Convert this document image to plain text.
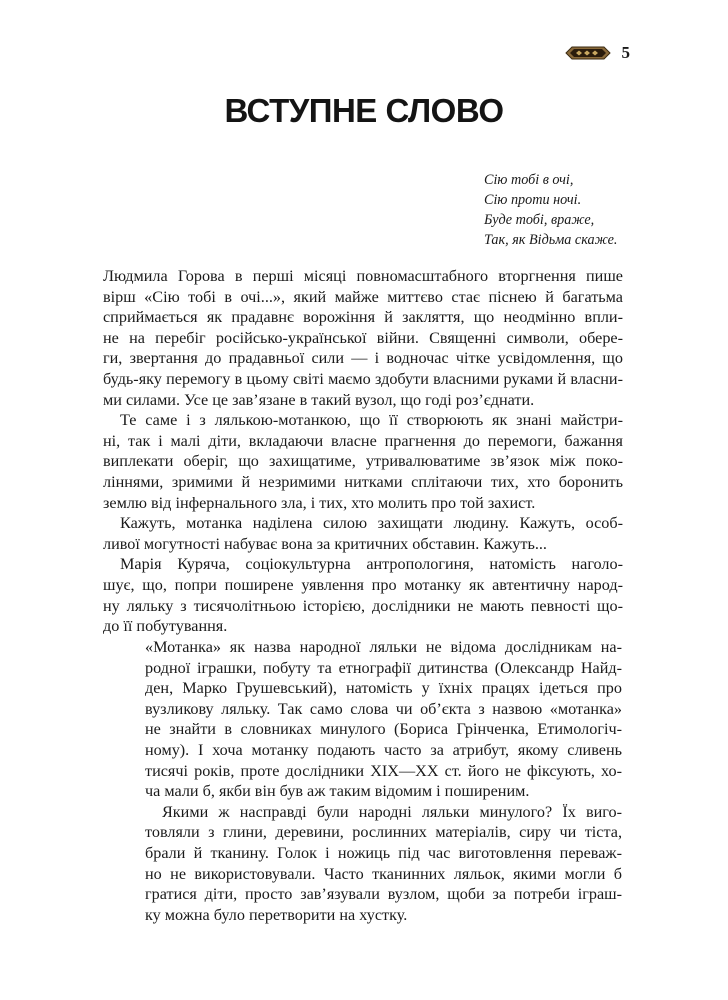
5
ВСТУПНЕ СЛОВО
Сію тобі в очі,
Сію проти ночі.
Буде тобі, враже,
Так, як Відьма скаже.
Людмила Горова в перші місяці повномасштабного вторгнення пише
вірш «Сію тобі в очі...», який майже миттєво стає піснею й багатьма
сприймається як прадавнє ворожіння й закляття, що неодмінно впли-
не на перебіг російсько-української війни. Священні символи, обере-
ги, звертання до прадавньої сили — і водночас чітке усвідомлення, що
будь-яку перемогу в цьому світі маємо здобути власними руками й власни-
ми силами. Усе це зав’язане в такий вузол, що годі роз’єднати.
Те саме і з лялькою-мотанкою, що її створюють як знані майстри-
ні, так і малі діти, вкладаючи власне прагнення до перемоги, бажання
виплекати оберіг, що захищатиме, утривалюватиме зв’язок між поко-
ліннями, зримими й незримими нитками сплітаючи тих, хто боронить
землю від інфернального зла, і тих, хто молить про той захист.
Кажуть, мотанка наділена силою захищати людину. Кажуть, особ-
ливої могутності набуває вона за критичних обставин. Кажуть...
Марія Куряча, соціокультурна антропологиня, натомість наголо-
шує, що, попри поширене уявлення про мотанку як автентичну народ-
ну ляльку з тисячолітньою історією, дослідники не мають певності що-
до її побутування.
«Мотанка» як назва народної ляльки не відома дослідникам на-
родної іграшки, побуту та етнографії дитинства (Олександр Найд-
ден, Марко Грушевський), натомість у їхніх працях ідеться про
вузликову ляльку. Так само слова чи об’єкта з назвою «мотанка»
не знайти в словниках минулого (Бориса Грінченка, Етимологіч-
ному). І хоча мотанку подають часто за атрибут, якому сливень
тисячі років, проте дослідники XIX—XX ст. його не фіксують, хо-
ча мали б, якби він був аж таким відомим і поширеним.
Якими ж насправді були народні ляльки минулого? Їх виго-
товляли з глини, деревини, рослинних матеріалів, сиру чи тіста,
брали й тканину. Голок і ножиць під час виготовлення переваж-
но не використовували. Часто тканинних ляльок, якими могли б
гратися діти, просто зав’язували вузлом, щоби за потреби іграш-
ку можна було перетворити на хустку.
